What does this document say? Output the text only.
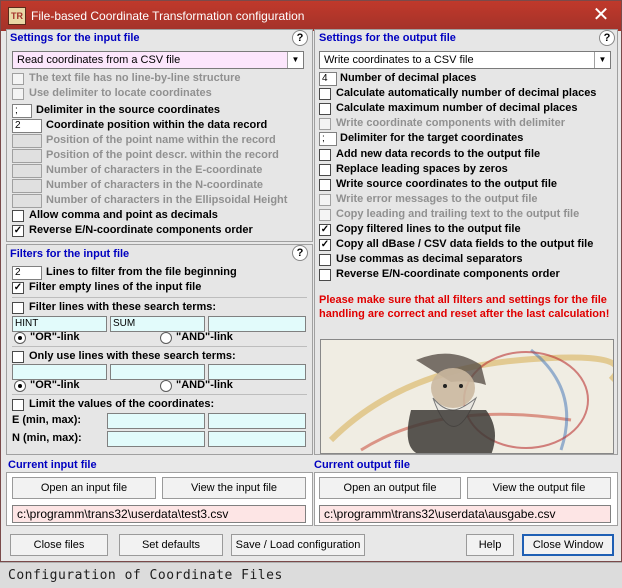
TR File-based Coordinate Transformation configuration	✕
Settings for the input file	?
Read coordinates from a CSV file	▼
The text file has no line-by-line structure
Use delimiter to locate coordinates
;	Delimiter in the source coordinates
2	Coordinate position within the data record
Position of the point name within the record
Position of the point descr. within the record
Number of characters in the E-coordinate
Number of characters in the N-coordinate
Number of characters in the Ellipsoidal Height
Allow comma and point as decimals
✓ Reverse E/N-coordinate components order
Filters for the input file	?
2	Lines to filter from the file beginning
✓ Filter empty lines of the input file
Filter lines with these search terms:
HINT	SUM
"OR"-link	"AND"-link
Only use lines with these search terms:
"OR"-link	"AND"-link
Limit the values of the coordinates:
E (min, max):
N (min, max):
Settings for the output file	?
Write coordinates to a CSV file	▼
4	Number of decimal places
Calculate automatically number of decimal places
Calculate maximum number of decimal places
Write coordinate components with delimiter
;	Delimiter for the target coordinates
Add new data records to the output file
Replace leading spaces by zeros
Write source coordinates to the output file
Write error messages to the output file
Copy leading and trailing text to the output file
✓ Copy filtered lines to the output file
✓ Copy all dBase / CSV data fields to the output file
Use commas as decimal separators
Reverse E/N-coordinate components order
Please make sure that all filters and settings for the file handling are correct and reset after the last calculation!
Current input file
Open an input file	View the input file
c:\programm\trans32\userdata\test3.csv
Current output file
Open an output file	View the output file
c:\programm\trans32\userdata\ausgabe.csv
Close files	Set defaults	Save / Load configuration	Help	Close Window
Configuration of Coordinate Files
